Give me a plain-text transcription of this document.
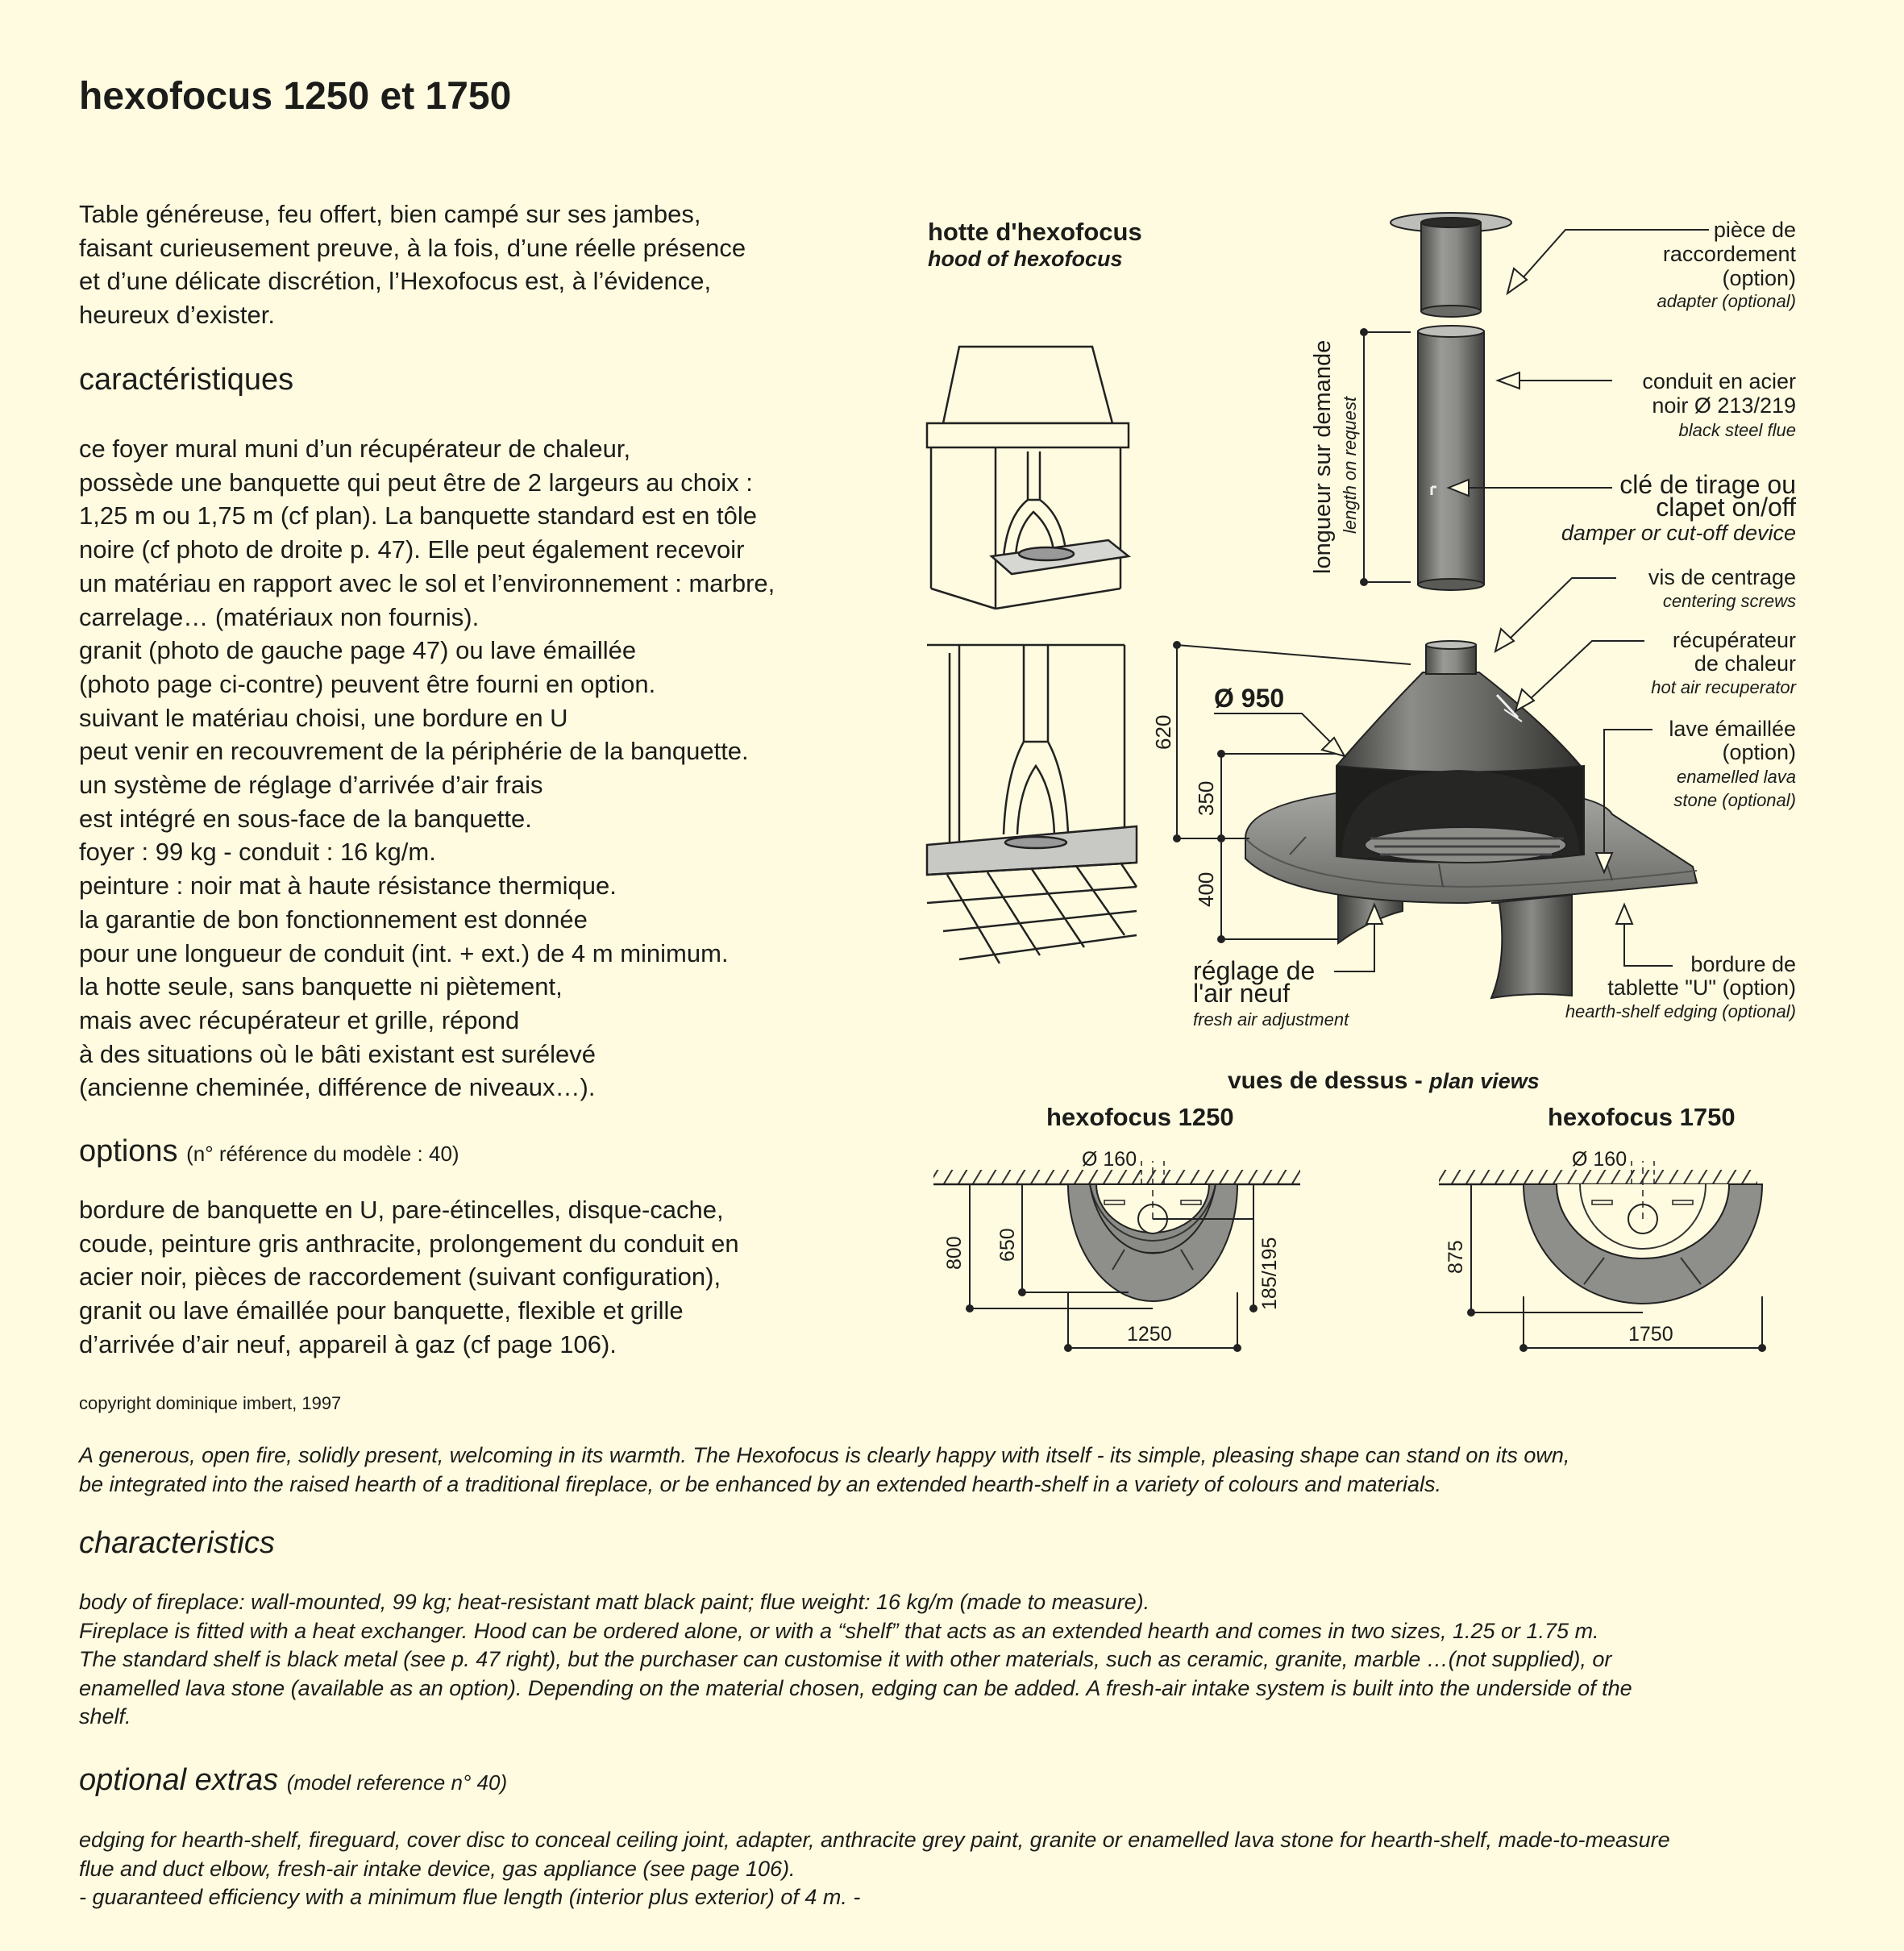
hexofocus 1250 et 1750
Table généreuse, feu offert, bien campé sur ses jambes,
faisant curieusement preuve, à la fois, d’une réelle présence
et d’une délicate discrétion, l’Hexofocus est, à l’évidence,
heureux d’exister.
caractéristiques
ce foyer mural muni d’un récupérateur de chaleur,
possède une banquette qui peut être de 2 largeurs au choix :
1,25 m ou 1,75 m (cf plan). La banquette standard est en tôle
noire (cf photo de droite p. 47). Elle peut également recevoir
un matériau en rapport avec le sol et l’environnement : marbre,
carrelage… (matériaux non fournis).
granit (photo de gauche page 47) ou lave émaillée
(photo page ci-contre) peuvent être fourni en option.
suivant le matériau choisi, une bordure en U
peut venir en recouvrement de la périphérie de la banquette.
un système de réglage d’arrivée d’air frais
est intégré en sous-face de la banquette.
foyer : 99 kg - conduit : 16 kg/m.
peinture : noir mat à haute résistance thermique.
la garantie de bon fonctionnement est donnée
pour une longueur de conduit (int. + ext.) de 4 m minimum.
la hotte seule, sans banquette ni piètement,
mais avec récupérateur et grille, répond
à des situations où le bâti existant est surélevé
(ancienne cheminée, différence de niveaux…).
options (n° référence du modèle : 40)
bordure de banquette en U, pare-étincelles, disque-cache,
coude, peinture gris anthracite, prolongement du conduit en
acier noir, pièces de raccordement (suivant configuration),
granit ou lave émaillée pour banquette, flexible et grille
d’arrivée d’air neuf, appareil à gaz (cf page 106).
copyright dominique imbert, 1997
A generous, open fire, solidly present, welcoming in its warmth. The Hexofocus is clearly happy with itself - its simple, pleasing shape can stand on its own,
be integrated into the raised hearth of a traditional fireplace, or be enhanced by an extended hearth-shelf in a variety of colours and materials.
characteristics
body of fireplace: wall-mounted, 99 kg; heat-resistant matt black paint; flue weight: 16 kg/m (made to measure).
Fireplace is fitted with a heat exchanger. Hood can be ordered alone, or with a “shelf” that acts as an extended hearth and comes in two sizes, 1.25 or 1.75 m.
The standard shelf is black metal (see p. 47 right), but the purchaser can customise it with other materials, such as ceramic, granite, marble …(not supplied), or
enamelled lava stone (available as an option). Depending on the material chosen, edging can be added. A fresh-air intake system is built into the underside of the
shelf.
optional extras (model reference n° 40)
edging for hearth-shelf, fireguard, cover disc to conceal ceiling joint, adapter, anthracite grey paint, granite or enamelled lava stone for hearth-shelf, made-to-measure
flue and duct elbow, fresh-air intake device, gas appliance (see page 106).
- guaranteed efficiency with a minimum flue length (interior plus exterior) of 4 m. -
hotte d'hexofocus
hood of hexofocus
longueur sur demande length on request
620
350
400
Ø 950
pièce de
raccordement
(option)
adapter (optional)
conduit en acier
noir Ø 213/219
black steel flue
clé de tirage ou
clapet on/off
damper or cut-off device
vis de centrage
centering screws
récupérateur
de chaleur
hot air recuperator
lave émaillée
(option)
enamelled lava
stone (optional)
bordure de
tablette "U" (option)
hearth-shelf edging (optional)
réglage de
l'air neuf
fresh air adjustment
vues de dessus - plan views
hexofocus 1250
Ø 160
800 650	185/195
1250
hexofocus 1750
Ø 160
875
1750
